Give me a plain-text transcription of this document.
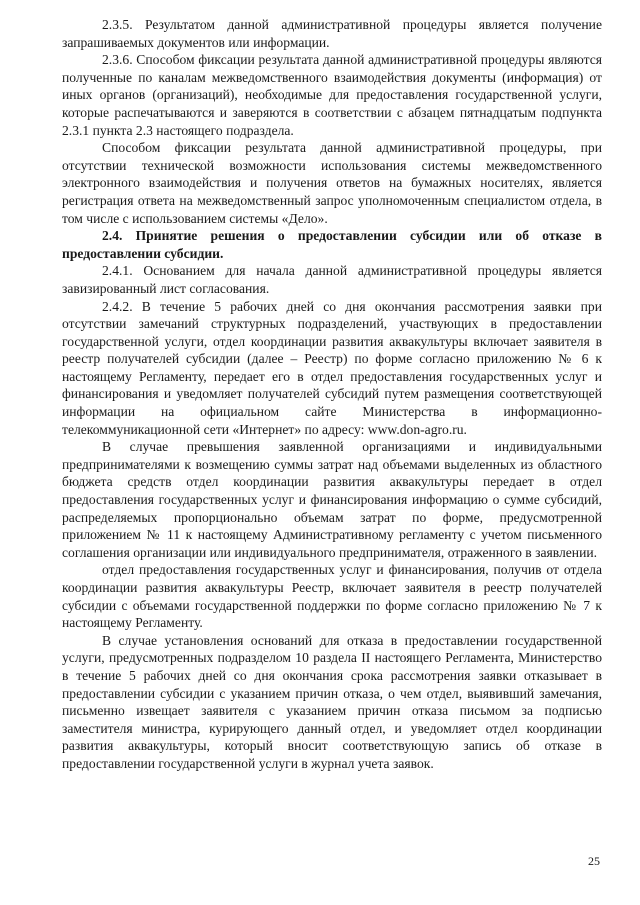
2.3.5. Результатом данной административной процедуры является получение запрашиваемых документов или информации.

2.3.6. Способом фиксации результата данной административной процедуры являются полученные по каналам межведомственного взаимодействия документы (информация) от иных органов (организаций), необходимые для предоставления государственной услуги, которые распечатываются и заверяются в соответствии с абзацем пятнадцатым подпункта 2.3.1 пункта 2.3 настоящего подраздела.

Способом фиксации результата данной административной процедуры, при отсутствии технической возможности использования системы межведомственного электронного взаимодействия и получения ответов на бумажных носителях, является регистрация ответа на межведомственный запрос уполномоченным специалистом отдела, в том числе с использованием системы «Дело».

2.4. Принятие решения о предоставлении субсидии или об отказе в предоставлении субсидии.

2.4.1. Основанием для начала данной административной процедуры является завизированный лист согласования.

2.4.2. В течение 5 рабочих дней со дня окончания рассмотрения заявки при отсутствии замечаний структурных подразделений, участвующих в предоставлении государственной услуги, отдел координации развития аквакультуры включает заявителя в реестр получателей субсидии (далее – Реестр) по форме согласно приложению № 6 к настоящему Регламенту, передает его в отдел предоставления государственных услуг и финансирования и уведомляет получателей субсидий путем размещения соответствующей информации на официальном сайте Министерства в информационно-телекоммуникационной сети «Интернет» по адресу: www.don-agro.ru.

В случае превышения заявленной организациями и индивидуальными предпринимателями к возмещению суммы затрат над объемами выделенных из областного бюджета средств отдел координации развития аквакультуры передает в отдел предоставления государственных услуг и финансирования информацию о сумме субсидий, распределяемых пропорционально объемам затрат по форме, предусмотренной приложением № 11 к настоящему Административному регламенту с учетом письменного соглашения организации или индивидуального предпринимателя, отраженного в заявлении.

отдел предоставления государственных услуг и финансирования, получив от отдела координации развития аквакультуры Реестр, включает заявителя в реестр получателей субсидии с объемами государственной поддержки по форме согласно приложению № 7 к настоящему Регламенту.

В случае установления оснований для отказа в предоставлении государственной услуги, предусмотренных подразделом 10 раздела II настоящего Регламента, Министерство в течение 5 рабочих дней со дня окончания срока рассмотрения заявки отказывает в предоставлении субсидии с указанием причин отказа, о чем отдел, выявивший замечания, письменно извещает заявителя с указанием причин отказа письмом за подписью заместителя министра, курирующего данный отдел, и уведомляет отдел координации развития аквакультуры, который вносит соответствующую запись об отказе в предоставлении государственной услуги в журнал учета заявок.

25
